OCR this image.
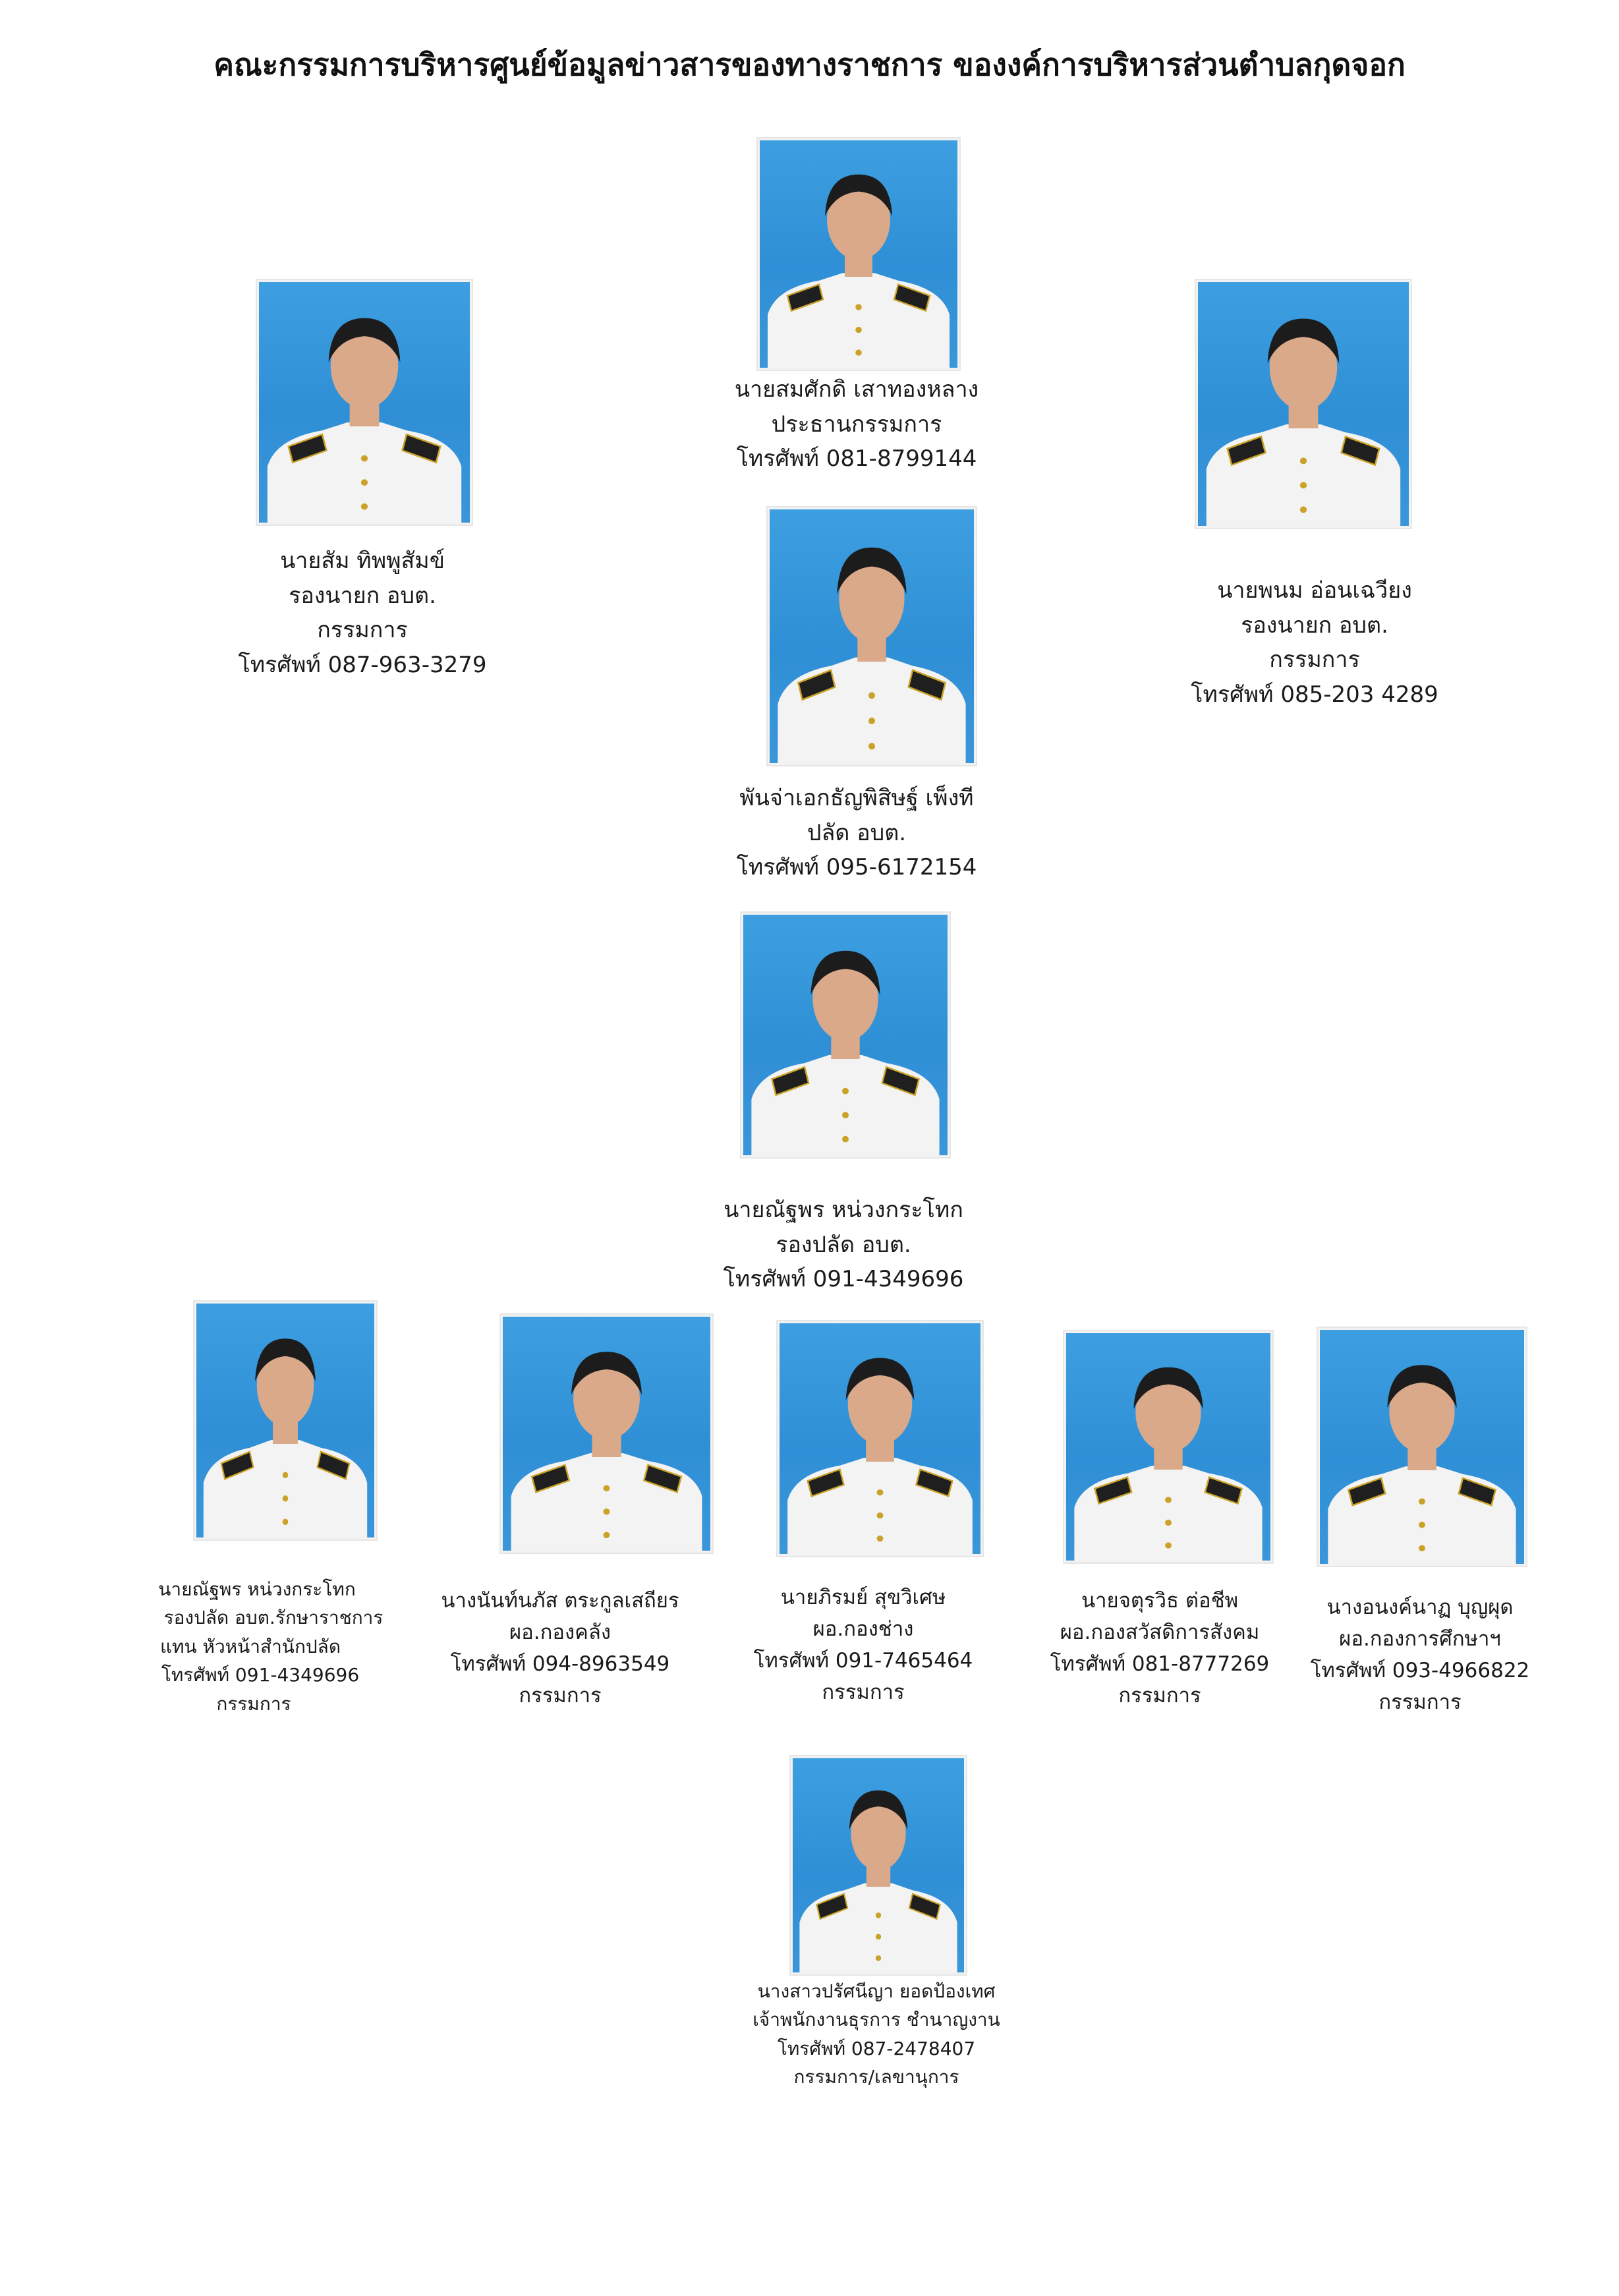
คณะกรรมการบริหารศูนย์ข้อมูลข่าวสารของทางราชการ ของงค์การบริหารส่วนตำบลกุดจอก
นายสมศักดิ เสาทองหลาง
ประธานกรรมการ
โทรศัพท์ 081-8799144
นายสัม ทิพพูสัมข์
รองนายก อบต.
กรรมการ
โทรศัพท์ 087-963-3279
นายพนม อ่อนเฉวียง
รองนายก อบต.
กรรมการ
โทรศัพท์ 085-203 4289
พันจ่าเอกธัญพิสิษฐ์ เพ็งที
ปลัด อบต.
โทรศัพท์ 095-6172154
นายณัฐพร หน่วงกระโทก
รองปลัด อบต.
โทรศัพท์ 091-4349696
นายณัฐพร หน่วงกระโทก
รองปลัด อบต.รักษาราชการ
แทน หัวหน้าสำนักปลัด
โทรศัพท์ 091-4349696
กรรมการ
นางนันท์นภัส ตระกูลเสถียร
ผอ.กองคลัง
โทรศัพท์ 094-8963549
กรรมการ
นายภิรมย์ สุขวิเศษ
ผอ.กองช่าง
โทรศัพท์ 091-7465464
กรรมการ
นายจตุรวิธ ต่อชีพ
ผอ.กองสวัสดิการสังคม
โทรศัพท์ 081-8777269
กรรมการ
นางอนงค์นาฏ บุญผุด
ผอ.กองการศึกษาฯ
โทรศัพท์ 093-4966822
กรรมการ
นางสาวปรัศนีญา ยอดป้องเทศ
เจ้าพนักงานธุรการ ชำนาญงาน
โทรศัพท์ 087-2478407
กรรมการ/เลขานุการ
